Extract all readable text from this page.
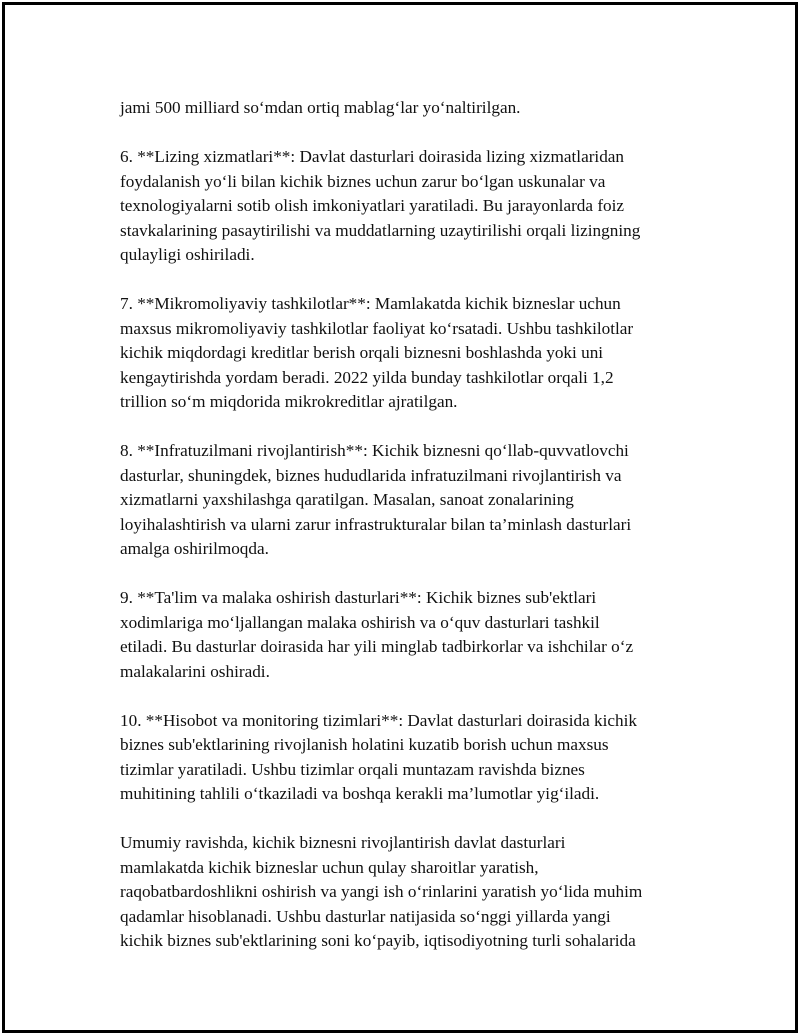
jami 500 milliard so‘mdan ortiq mablag‘lar yo‘naltirilgan.

6. **Lizing xizmatlari**: Davlat dasturlari doirasida lizing xizmatlaridan
foydalanish yo‘li bilan kichik biznes uchun zarur bo‘lgan uskunalar va
texnologiyalarni sotib olish imkoniyatlari yaratiladi. Bu jarayonlarda foiz
stavkalarining pasaytirilishi va muddatlarning uzaytirilishi orqali lizingning
qulayligi oshiriladi.

7. **Mikromoliyaviy tashkilotlar**: Mamlakatda kichik bizneslar uchun
maxsus mikromoliyaviy tashkilotlar faoliyat ko‘rsatadi. Ushbu tashkilotlar
kichik miqdordagi kreditlar berish orqali biznesni boshlashda yoki uni
kengaytirishda yordam beradi. 2022 yilda bunday tashkilotlar orqali 1,2
trillion so‘m miqdorida mikrokreditlar ajratilgan.

8. **Infratuzilmani rivojlantirish**: Kichik biznesni qo‘llab-quvvatlovchi
dasturlar, shuningdek, biznes hududlarida infratuzilmani rivojlantirish va
xizmatlarni yaxshilashga qaratilgan. Masalan, sanoat zonalarining
loyihalashtirish va ularni zarur infrastrukturalar bilan ta’minlash dasturlari
amalga oshirilmoqda.

9. **Ta'lim va malaka oshirish dasturlari**: Kichik biznes sub'ektlari
xodimlariga mo‘ljallangan malaka oshirish va o‘quv dasturlari tashkil
etiladi. Bu dasturlar doirasida har yili minglab tadbirkorlar va ishchilar o‘z
malakalarini oshiradi.

10. **Hisobot va monitoring tizimlari**: Davlat dasturlari doirasida kichik
biznes sub'ektlarining rivojlanish holatini kuzatib borish uchun maxsus
tizimlar yaratiladi. Ushbu tizimlar orqali muntazam ravishda biznes
muhitining tahlili o‘tkaziladi va boshqa kerakli ma’lumotlar yig‘iladi.

Umumiy ravishda, kichik biznesni rivojlantirish davlat dasturlari
mamlakatda kichik bizneslar uchun qulay sharoitlar yaratish,
raqobatbardoshlikni oshirish va yangi ish o‘rinlarini yaratish yo‘lida muhim
qadamlar hisoblanadi. Ushbu dasturlar natijasida so‘nggi yillarda yangi
kichik biznes sub'ektlarining soni ko‘payib, iqtisodiyotning turli sohalarida
